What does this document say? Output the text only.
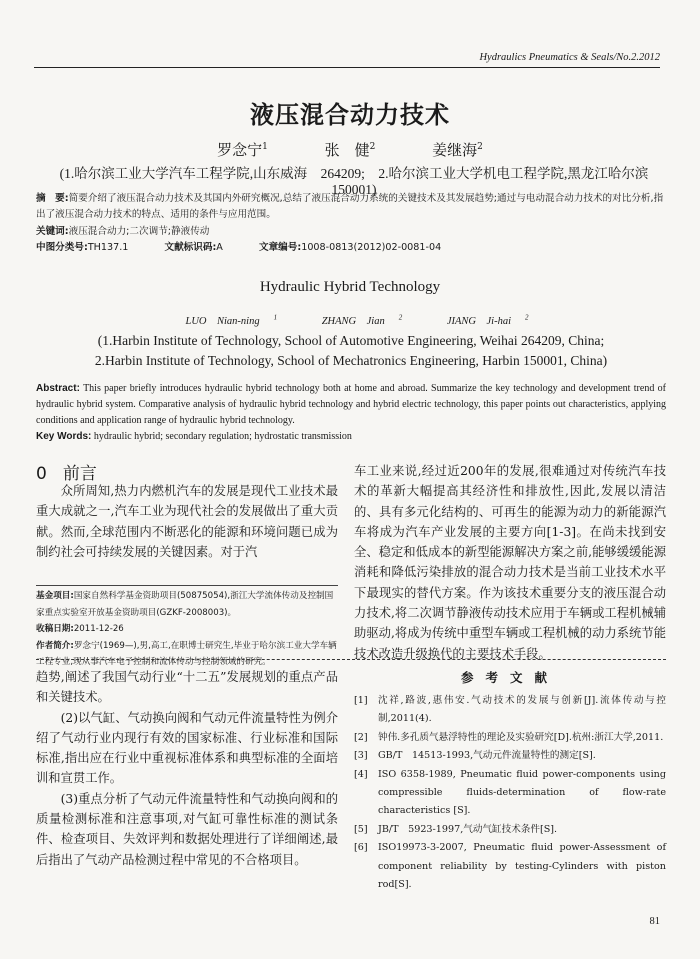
Hydraulics Pneumatics & Seals/No.2.2012
液压混合动力技术
罗念宁$^1$	张　健$^2$	姜继海$^2$
(1.哈尔滨工业大学汽车工程学院,山东威海　264209;　2.哈尔滨工业大学机电工程学院,黑龙江哈尔滨　150001)
摘　要:简要介绍了液压混合动力技术及其国内外研究概况,总结了液压混合动力系统的关键技术及其发展趋势;通过与电动混合动力技术的对比分析,指出了液压混合动力技术的特点、适用的条件与应用范围。
关键词:液压混合动力;二次调节;静液传动
中图分类号:TH137.1	文献标识码:A	文章编号:1008-0813(2012)02-0081-04
Hydraulic Hybrid Technology
LUO　Nian-ning $^1$	ZHANG　Jian $^2$	JIANG　Ji-hai $^2$
(1.Harbin Institute of Technology, School of Automotive Engineering, Weihai 264209, China;
2.Harbin Institute of Technology, School of Mechatronics Engineering, Harbin 150001, China)
Abstract: This paper briefly introduces hydraulic hybrid technology both at home and abroad. Summarize the key technology and development trend of hydraulic hybrid system. Comparative analysis of hydraulic hybrid technology and hybrid electric technology, this paper points out characteristics, applying conditions and application range of hydraulic hybrid technology.
Key Words: hydraulic hybrid; secondary regulation; hydrostatic transmission
0 前言

众所周知,热力内燃机汽车的发展是现代工业技术最重大成就之一,汽车工业为现代社会的发展做出了重大贡献。然而,全球范围内不断恶化的能源和环境问题已成为制约社会可持续发展的关键因素。对于汽

基金项目:国家自然科学基金资助项目(50875054),浙江大学流体传动及控制国家重点实验室开放基金资助项目(GZKF-2008003)。
收稿日期:2011-12-26
作者简介:罗念宁(1969—),男,高工,在职博士研究生,毕业于哈尔滨工业大学车辆工程专业,现从事汽车电子控制和流体传动与控制领域的研究。

车工业来说,经过近200年的发展,很难通过对传统汽车技术的革新大幅提高其经济性和排放性,因此,发展以清洁的、具有多元化结构的、可再生的能源为动力的新能源汽车将成为汽车产业发展的主要方向[1-3]。在尚未找到安全、稳定和低成本的新型能源解决方案之前,能够缓缓能源消耗和降低污染排放的混合动力技术是当前工业技术水平下最现实的替代方案。作为该技术重要分支的液压混合动力技术,将二次调节静液传动技术应用于车辆或工程机械辅助驱动,将成为传统中重型车辆或工程机械的动力系统节能技术改造升级换代的主要技术手段。

趋势,阐述了我国气动行业“十二五”发展规划的重点产品和关键技术。

(2)以气缸、气动换向阀和气动元件流量特性为例介绍了气动行业内现行有效的国家标准、行业标准和国际标准,指出应在行业中重视标准体系和典型标准的全面培训和宣贯工作。

(3)重点分析了气动元件流量特性和气动换向阀和的质量检测标准和注意事项,对气缸可靠性标准的测试条件、检查项目、失效评判和数据处理进行了详细阐述,最后指出了气动产品检测过程中常见的不合格项目。

参考文献
[1] 沈祥,路波,惠伟安.气动技术的发展与创新[J].流体传动与控制,2011(4).
[2] 钟伟.多孔质气悬浮特性的理论及实验研究[D].杭州:浙江大学,2011.
[3] GB/T　14513-1993,气动元件流量特性的测定[S].
[4] ISO 6358-1989, Pneumatic fluid power-components using compressible fluids-determination of flow-rate characteristics [S].
[5] JB/T　5923-1997,气动气缸技术条件[S].
[6] ISO19973-3-2007, Pneumatic fluid power-Assessment of component reliability by testing-Cylinders with piston rod[S].
81
